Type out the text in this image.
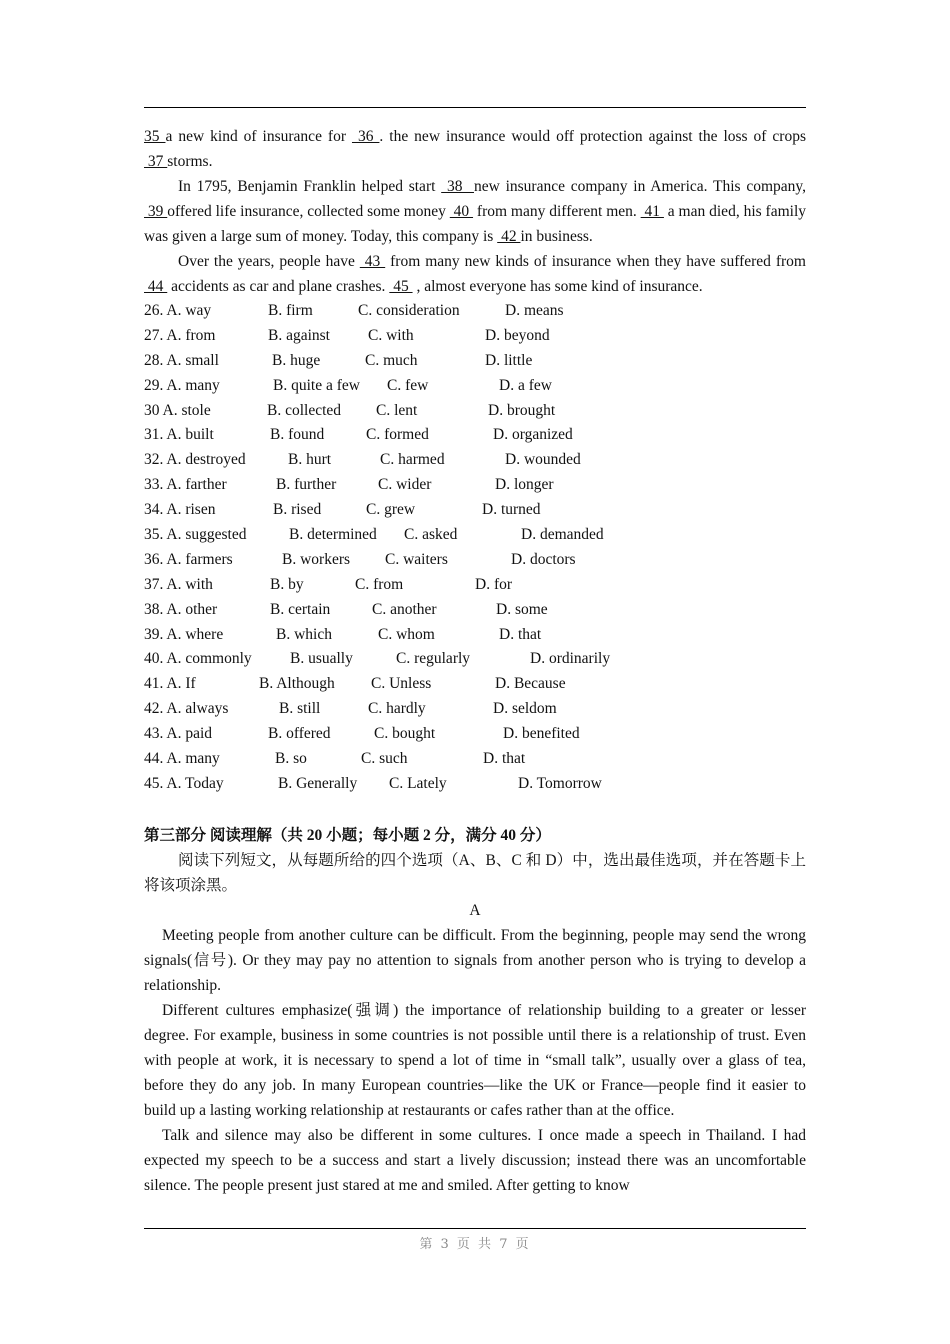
35 a new kind of insurance for  36 . the new insurance would off protection against the loss of crops  37 storms.

In 1795, Benjamin Franklin helped start  38  new insurance company in America. This company,  39 offered life insurance, collected some money  40  from many different men.  41  a man died, his family was given a large sum of money. Today, this company is  42 in business.

Over the years, people have  43  from many new kinds of insurance when they have suffered from  44  accidents as car and plane crashes.  45  , almost everyone has some kind of insurance.

26. A. way	B. firm	C. consideration	D. means
27. A. from	B. against C. with	D. beyond
28. A. small	B. huge	C. much	D. little
29. A. many	B. quite a few C. few	D. a few
30 A. stole	B. collected C. lent	D. brought
31. A. built	B. found	C. formed	D. organized
32. A. destroyed	B. hurt	C. harmed	D. wounded
33. A. farther	B. further	C. wider	D. longer
34. A. risen	B. rised	C. grew	D. turned
35. A. suggested	B. determined C. asked	D. demanded
36. A. farmers	B. workers C. waiters	D. doctors
37. A. with	B. by	C. from	D. for
38. A. other	B. certain	C. another	D. some
39. A. where	B. which	C. whom	D. that
40. A. commonly B. usually	C. regularly	D. ordinarily
41. A. If	B. Although C. Unless	D. Because
42. A. always	B. still	C. hardly	D. seldom
43. A. paid	B. offered	C. bought	D. benefited
44. A. many	B. so	C. such	D. that
45. A. Today	B. Generally C. Lately	D. Tomorrow

第三部分 阅读理解（共 20 小题；每小题 2 分，满分 40 分）

阅读下列短文，从每题所给的四个选项（A、B、C 和 D）中，选出最佳选项，并在答题卡上将该项涂黑。

A

Meeting people from another culture can be difficult. From the beginning, people may send the wrong signals(信号). Or they may pay no attention to signals from another person who is trying to develop a relationship.

Different cultures emphasize(强调) the importance of relationship building to a greater or lesser degree. For example, business in some countries is not possible until there is a relationship of trust. Even with people at work, it is necessary to spend a lot of time in “small talk”, usually over a glass of tea, before they do any job. In many European countries—like the UK or France—people find it easier to build up a lasting working relationship at restaurants or cafes rather than at the office.

Talk and silence may also be different in some cultures. I once made a speech in Thailand. I had expected my speech to be a success and start a lively discussion; instead there was an uncomfortable silence. The people present just stared at me and smiled. After getting to know

第 3 页 共 7 页
